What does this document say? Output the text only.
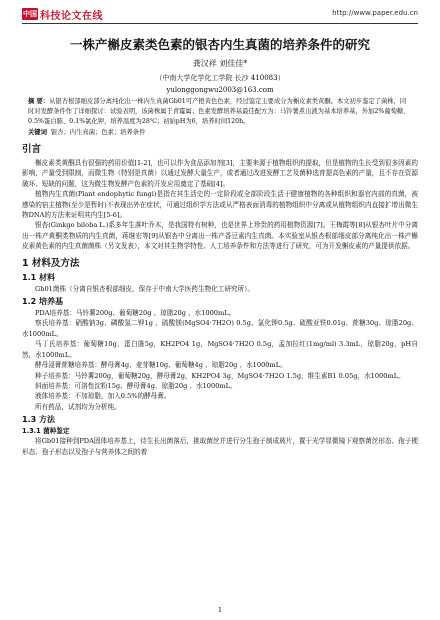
中国 科技论文在线	http://www.paper.edu.cn
一株产槲皮素类色素的银杏内生真菌的培养条件的研究
龚汉祥 刘佳佳*
（中南大学化学化工学院 长沙 410083）
yulonggongwu2003@163.com
摘 要：从银杏根部细皮部分离纯化出一株内生真菌Gb01可产橙黄色色素，经过鉴定主要成分为槲皮素类黄酮。本文初步鉴定了菌株，同时对发酵条件作了详细探讨：试验表明，该菌株属于青霉属；色素发酵培养基最佳配方为：马铃薯煮出液为基本培养基，外加2%葡萄糖、0.5%蛋白胨、0.1%氯化钾，培养温度为28℃；初始pH为6，培养时间120h。
关键词 银杏；内生真菌；色素；培养条件
引言

槲皮素类黄酮具有很强的药用价值[1-2]，也可以作为食品添加剂[3]，主要来源于植物组织的提取，但是植物的生长受到很多因素的影响，产量受到限制，而微生物（特别是真菌）以通过发酵大量生产，或者通过改进发酵工艺及菌种选育提高色素的产量，且不存在资源破坏、短缺的问题，这为微生物发酵产色素的开发应用奠定了基础[4]。

植物内生真菌(Plant endophytic fungi)是指在其生活史的一定阶段或全部阶段生活于健康植物的各种组织和器官内部的真菌，被感染的宿主植物(至少是暂时)不表现出外在症状，可通过组织学方法或从严格表面消毒的植物组织中分离或从植物组织内直接扩增出微生物DNA的方法来证明其内生[5-6]。

银杏(Ginkgo biloba L.)系多年生落叶乔木，是我国特有树种，也是世界上珍贵的药用植物资源[7]。王梅霞等[8]从银杏叶片中分离出一株产黄酮类物质的内生真菌，蒋继宏等[9]从银杏中分离出一株产香豆素内生真菌。本实验室从银杏根部细皮部分离纯化出一株产槲皮素黄色素的内生真菌菌株（另文发表），本文对其生物学特性、人工培养条件和方法等进行了研究，可为开发槲皮素的产量提供依据。

1 材料及方法
1.1 材料

Gb01菌株（分离自银杏根部细皮，保存于中南大学医药生物化工研究所）。

1.2 培养基

PDA培养基：马铃薯200g、葡萄糖20g 、琼脂20g 、水1000mL。

察氏培养基：硝酸钠3g、磷酸氢二钾1g 、硫酸镁(MgSO4·7H2O) 0.5g、氯化钾0.5g、硫酸亚铁0.01g、蔗糖30g、琼脂20g、水1000mL。

马丁氏培养基：葡萄糖10g，蛋白胨5g，KH2PO4 1g，MgSO4·7H2O 0.5g，孟加拉红(1mg/ml) 3.3mL，琼脂20g，pH自然，水1000mL。

酵母浸膏蔗糖培养基：酵母膏4g、麦芽糖10g、葡萄糖4g 、琼脂20g 、水1000mL。

种子培养基：马铃薯200g，葡萄糖20g，酵母膏2g，KH2PO4 3g，MgSO4·7H2O 1.5g，维生素B1 0.05g，水1000mL。

斜面培养基：可溶性淀粉15g、酵母膏4g、琼脂20g 、水1000mL。

液体培养基：不加琼脂，加入0.5%的酵母膏。

所有药品，试剂均为分析纯。

1.3 方法
1.3.1 菌种鉴定

将Gb01接种到PDA固体培养基上，待生长出菌落后，挑取菌丝并进行分生孢子制成玻片，置于光学显微镜下观察菌丝形态、孢子梗形态、孢子形态以及孢子与营养体之间的着

1
